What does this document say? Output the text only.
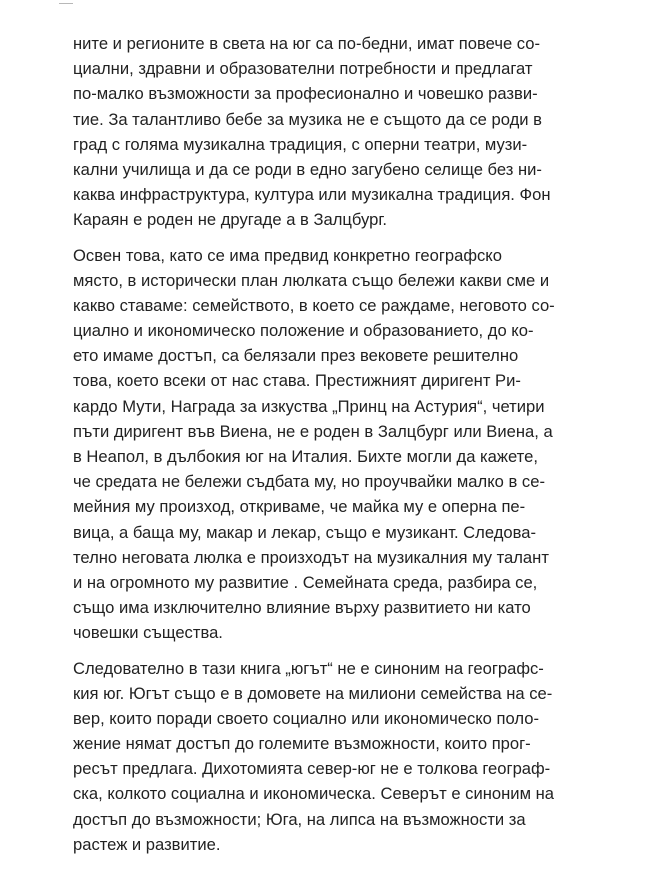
ните и регионите в света на юг са по-бедни, имат повече со-
циални, здравни и образователни потребности и предлагат
по-малко възможности за професионално и човешко разви-
тие. За талантливо бебе за музика не е същото да се роди в
град с голяма музикална традиция, с оперни театри, музи-
кални училища и да се роди в едно загубено селище без ни-
каква инфраструктура, култура или музикална традиция. Фон
Караян е роден не другаде а в Залцбург.

Освен това, като се има предвид конкретно географско
място, в исторически план люлката също бележи какви сме и
какво ставаме: семейството, в което се раждаме, неговото со-
циално и икономическо положение и образованието, до ко-
ето имаме достъп, са белязали през вековете решително
това, което всеки от нас става. Престижният диригент Ри-
кардо Мути, Награда за изкуства „Принц на Астурия“, четири
пъти диригент във Виена, не е роден в Залцбург или Виена, а
в Неапол, в дълбокия юг на Италия. Бихте могли да кажете,
че средата не бележи съдбата му, но проучвайки малко в се-
мейния му произход, откриваме, че майка му е оперна пе-
вица, а баща му, макар и лекар, също е музикант. Следова-
телно неговата люлка е произходът на музикалния му талант
и на огромното му развитие . Семейната среда, разбира се,
също има изключително влияние върху развитието ни като
човешки същества.

Следователно в тази книга „югът“ не е синоним на географс-
кия юг. Югът също е в домовете на милиони семейства на се-
вер, които поради своето социално или икономическо поло-
жение нямат достъп до големите възможности, които прог-
ресът предлага. Дихотомията север-юг не е толкова географ-
ска, колкото социална и икономическа. Северът е синоним на
достъп до възможности; Юга, на липса на възможности за
растеж и развитие.
